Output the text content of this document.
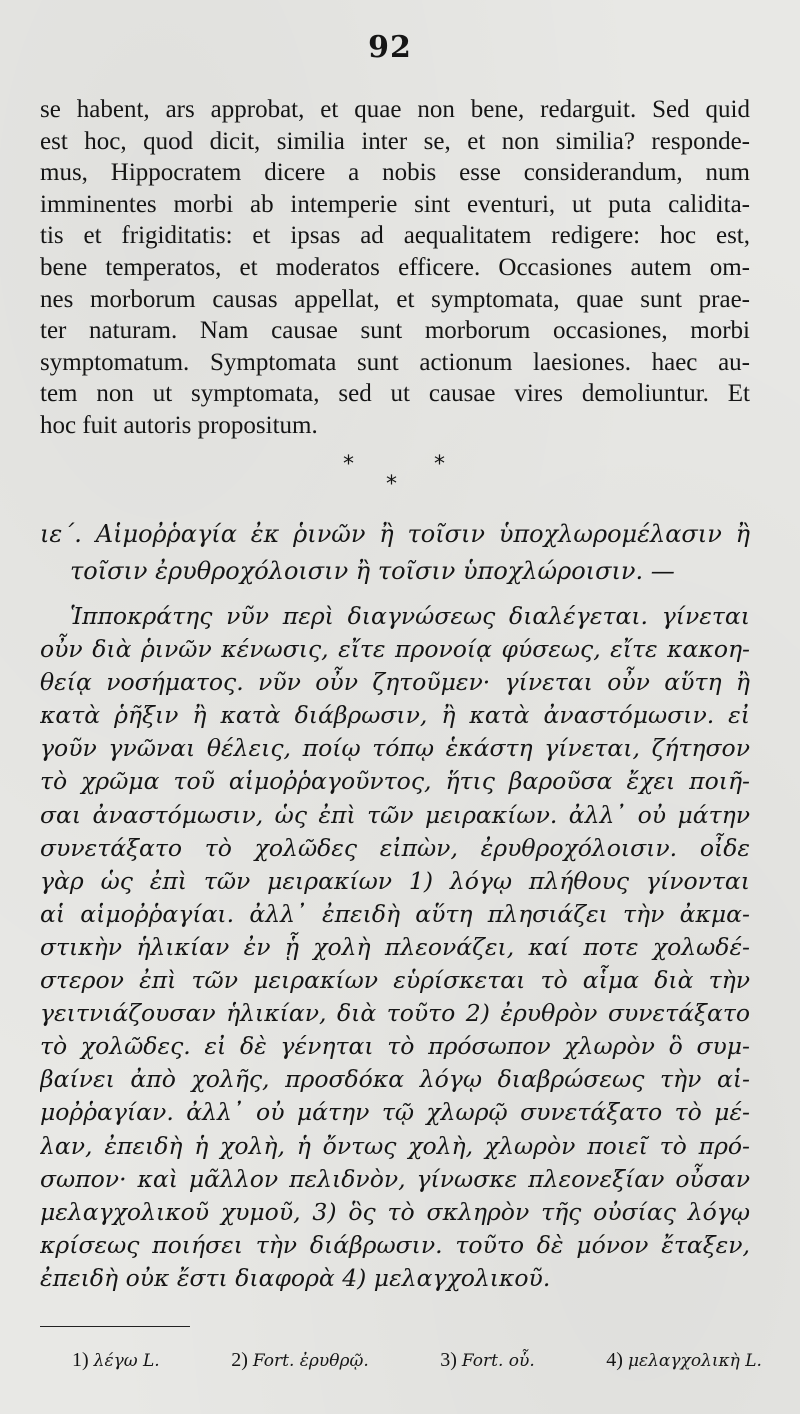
92
se habent, ars approbat, et quae non bene, redarguit. Sed quid
est hoc, quod dicit, similia inter se, et non similia? responde-
mus, Hippocratem dicere a nobis esse considerandum, num
imminentes morbi ab intemperie sint eventuri, ut puta calidita-
tis et frigiditatis: et ipsas ad aequalitatem redigere: hoc est,
bene temperatos, et moderatos efficere. Occasiones autem om-
nes morborum causas appellat, et symptomata, quae sunt prae-
ter naturam. Nam causae sunt morborum occasiones, morbi
symptomatum. Symptomata sunt actionum laesiones. haec au-
tem non ut symptomata, sed ut causae vires demoliuntur. Et
hoc fuit autoris propositum.
*
*
*
ιε΄. Αἱμοῤῥαγία ἐκ ῥινῶν ἢ τοῖσιν ὑποχλωρομέλασιν ἢ
τοῖσιν ἐρυθροχόλοισιν ἢ τοῖσιν ὑποχλώροισιν. —
Ἱπποκράτης νῦν περὶ διαγνώσεως διαλέγεται. γίνεται
οὖν διὰ ῥινῶν κένωσις, εἴτε προνοίᾳ φύσεως, εἴτε κακοη-
θείᾳ νοσήματος. νῦν οὖν ζητοῦμεν· γίνεται οὖν αὕτη ἢ
κατὰ ῥῆξιν ἢ κατὰ διάβρωσιν, ἢ κατὰ ἀναστόμωσιν. εἰ
γοῦν γνῶναι θέλεις, ποίῳ τόπῳ ἑκάστη γίνεται, ζήτησον
τὸ χρῶμα τοῦ αἱμοῤῥαγοῦντος, ἥτις βαροῦσα ἔχει ποιῆ-
σαι ἀναστόμωσιν, ὡς ἐπὶ τῶν μειρακίων. ἀλλ᾽ οὐ μάτην
συνετάξατο τὸ χολῶδες εἰπὼν, ἐρυθροχόλοισιν. οἶδε
γὰρ ὡς ἐπὶ τῶν μειρακίων 1) λόγῳ πλήθους γίνονται
αἱ αἱμοῤῥαγίαι. ἀλλ᾽ ἐπειδὴ αὕτη πλησιάζει τὴν ἀκμα-
στικὴν ἡλικίαν ἐν ᾗ χολὴ πλεονάζει, καί ποτε χολωδέ-
στερον ἐπὶ τῶν μειρακίων εὑρίσκεται τὸ αἷμα διὰ τὴν
γειτνιάζουσαν ἡλικίαν, διὰ τοῦτο 2) ἐρυθρὸν συνετάξατο
τὸ χολῶδες. εἰ δὲ γένηται τὸ πρόσωπον χλωρὸν ὃ συμ-
βαίνει ἀπὸ χολῆς, προσδόκα λόγῳ διαβρώσεως τὴν αἱ-
μοῤῥαγίαν. ἀλλ᾽ οὐ μάτην τῷ χλωρῷ συνετάξατο τὸ μέ-
λαν, ἐπειδὴ ἡ χολὴ, ἡ ὄντως χολὴ, χλωρὸν ποιεῖ τὸ πρό-
σωπον· καὶ μᾶλλον πελιδνὸν, γίνωσκε πλεονεξίαν οὖσαν
μελαγχολικοῦ χυμοῦ, 3) ὃς τὸ σκληρὸν τῆς οὐσίας λόγῳ
κρίσεως ποιήσει τὴν διάβρωσιν. τοῦτο δὲ μόνον ἔταξεν,
ἐπειδὴ οὐκ ἔστι διαφορὰ 4) μελαγχολικοῦ.
1) λέγω L.	2) Fort. ἐρυθρῷ.	3) Fort. οὗ.	4) μελαγχολικὴ L.
